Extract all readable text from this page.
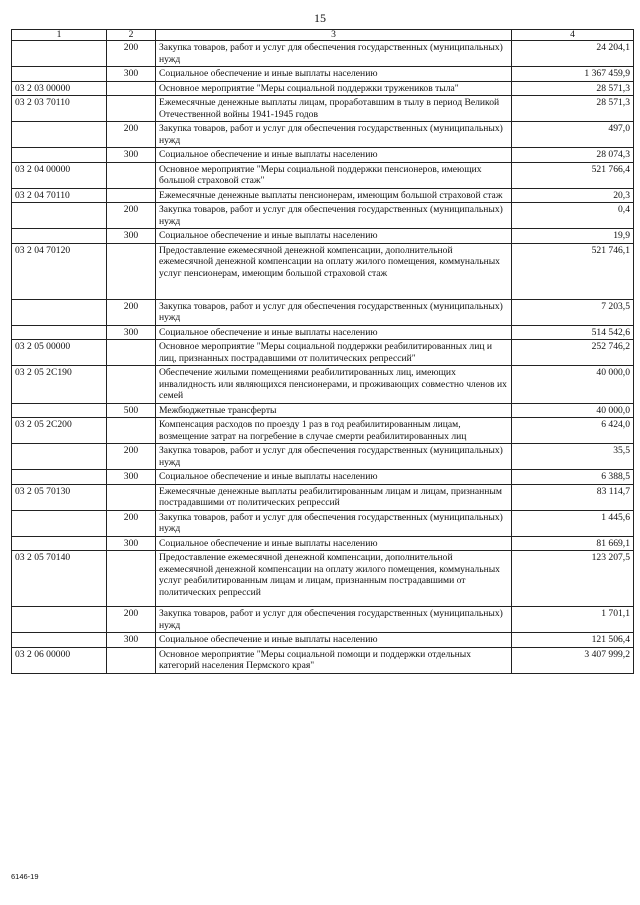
15
1	2	3	4
	200	Закупка товаров, работ и услуг для обеспечения государственных (муниципальных) нужд	24 204,1
	300	Социальное обеспечение и иные выплаты населению	1 367 459,9
03 2 03 00000		Основное мероприятие "Меры социальной поддержки тружеников тыла"	28 571,3
03 2 03 70110		Ежемесячные денежные выплаты лицам, проработавшим в тылу в период Великой Отечественной войны 1941-1945 годов	28 571,3
	200	Закупка товаров, работ и услуг для обеспечения государственных (муниципальных) нужд	497,0
	300	Социальное обеспечение и иные выплаты населению	28 074,3
03 2 04 00000		Основное мероприятие "Меры социальной поддержки пенсионеров, имеющих большой страховой стаж"	521 766,4
03 2 04 70110		Ежемесячные денежные выплаты пенсионерам, имеющим большой страховой стаж	20,3
	200	Закупка товаров, работ и услуг для обеспечения государственных (муниципальных) нужд	0,4
	300	Социальное обеспечение и иные выплаты населению	19,9
03 2 04 70120		Предоставление ежемесячной денежной компенсации, дополнительной ежемесячной денежной компенсации на оплату жилого помещения, коммунальных услуг пенсионерам, имеющим большой страховой стаж	521 746,1
	200	Закупка товаров, работ и услуг для обеспечения государственных (муниципальных) нужд	7 203,5
	300	Социальное обеспечение и иные выплаты населению	514 542,6
03 2 05 00000		Основное мероприятие "Меры социальной поддержки реабилитированных лиц и лиц, признанных пострадавшими от политических репрессий"	252 746,2
03 2 05 2С190		Обеспечение жилыми помещениями реабилитированных лиц, имеющих инвалидность или являющихся пенсионерами, и проживающих совместно членов их семей	40 000,0
	500	Межбюджетные трансферты	40 000,0
03 2 05 2С200		Компенсация расходов по проезду 1 раз в год реабилитированным лицам, возмещение затрат на погребение в случае смерти реабилитированных лиц	6 424,0
	200	Закупка товаров, работ и услуг для обеспечения государственных (муниципальных) нужд	35,5
	300	Социальное обеспечение и иные выплаты населению	6 388,5
03 2 05 70130		Ежемесячные денежные выплаты реабилитированным лицам и лицам, признанным пострадавшими от политических репрессий	83 114,7
	200	Закупка товаров, работ и услуг для обеспечения государственных (муниципальных) нужд	1 445,6
	300	Социальное обеспечение и иные выплаты населению	81 669,1
03 2 05 70140		Предоставление ежемесячной денежной компенсации, дополнительной ежемесячной денежной компенсации на оплату жилого помещения, коммунальных услуг реабилитированным лицам и лицам, признанным пострадавшими от политических репрессий	123 207,5
	200	Закупка товаров, работ и услуг для обеспечения государственных (муниципальных) нужд	1 701,1
	300	Социальное обеспечение и иные выплаты населению	121 506,4
03 2 06 00000		Основное мероприятие "Меры социальной помощи и поддержки отдельных категорий населения Пермского края"	3 407 999,2
6146-19
